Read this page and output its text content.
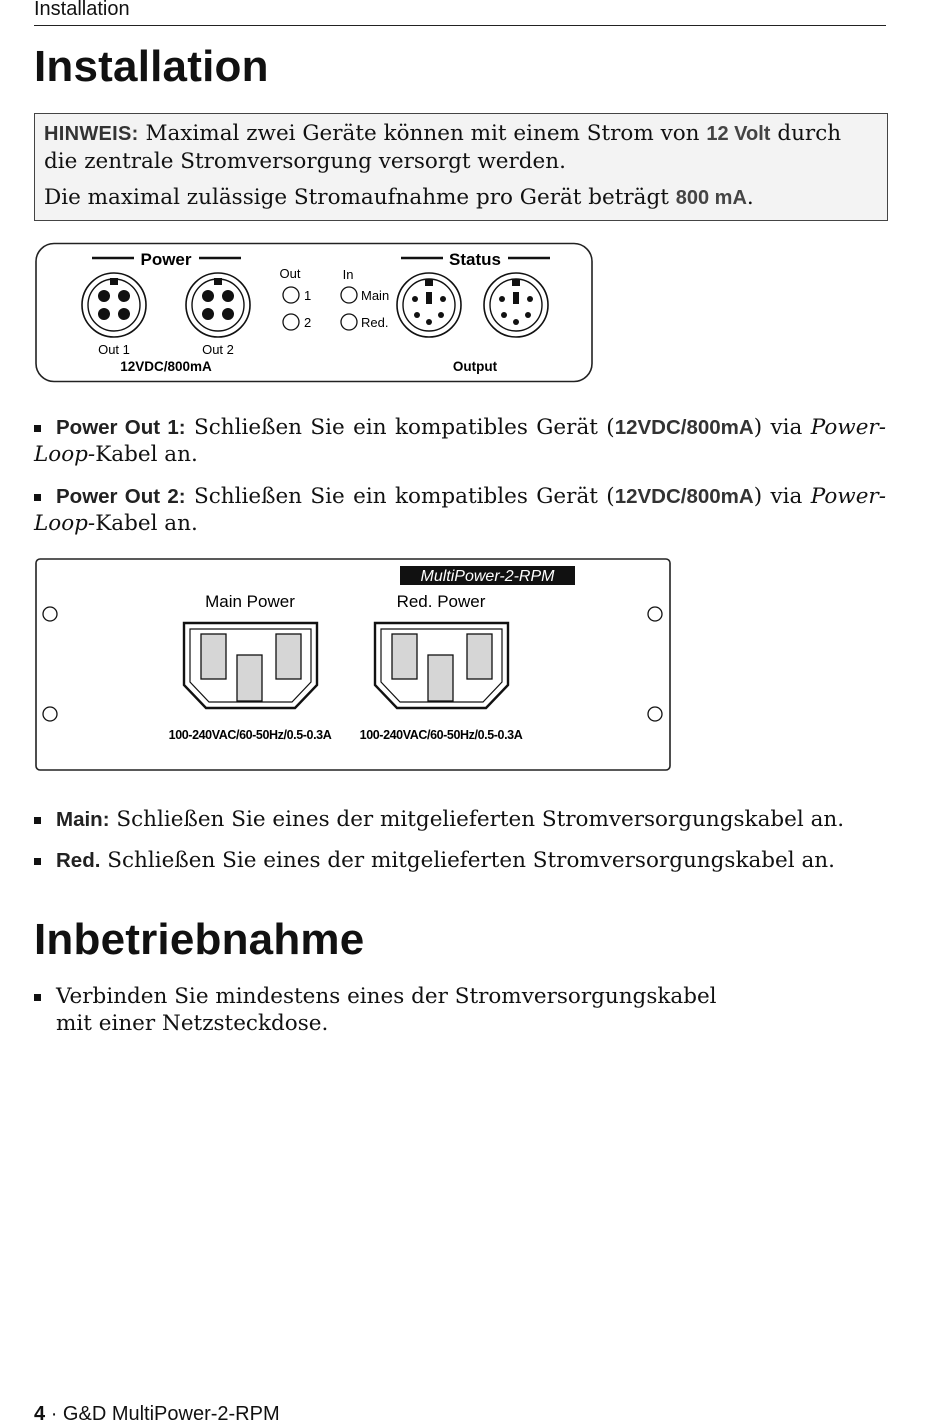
Installation
Installation

HINWEIS: Maximal zwei Geräte können mit einem Strom von 12 Volt durch die zentrale Stromversorgung versorgt werden.

Die maximal zulässige Stromaufnahme pro Gerät beträgt 800 mA.

Power
Out 1	Out 2
12VDC/800mA
Out	In
1
2
Main
Red.
Status
Output
Power Out 1: Schließen Sie ein kompatibles Gerät (12VDC/800mA) via Power-Loop-Kabel an.
Power Out 2: Schließen Sie ein kompatibles Gerät (12VDC/800mA) via Power-Loop-Kabel an.
MultiPower-2-RPM
Main Power	Red. Power
100-240VAC/60-50Hz/0.5-0.3A 100-240VAC/60-50Hz/0.5-0.3A
Main: Schließen Sie eines der mitgelieferten Stromversorgungskabel an.
Red. Schließen Sie eines der mitgelieferten Stromversorgungskabel an.
Inbetriebnahme
Verbinden Sie mindestens eines der Stromversorgungskabel mit einer Netzsteckdose.
4 · G&D MultiPower-2-RPM
